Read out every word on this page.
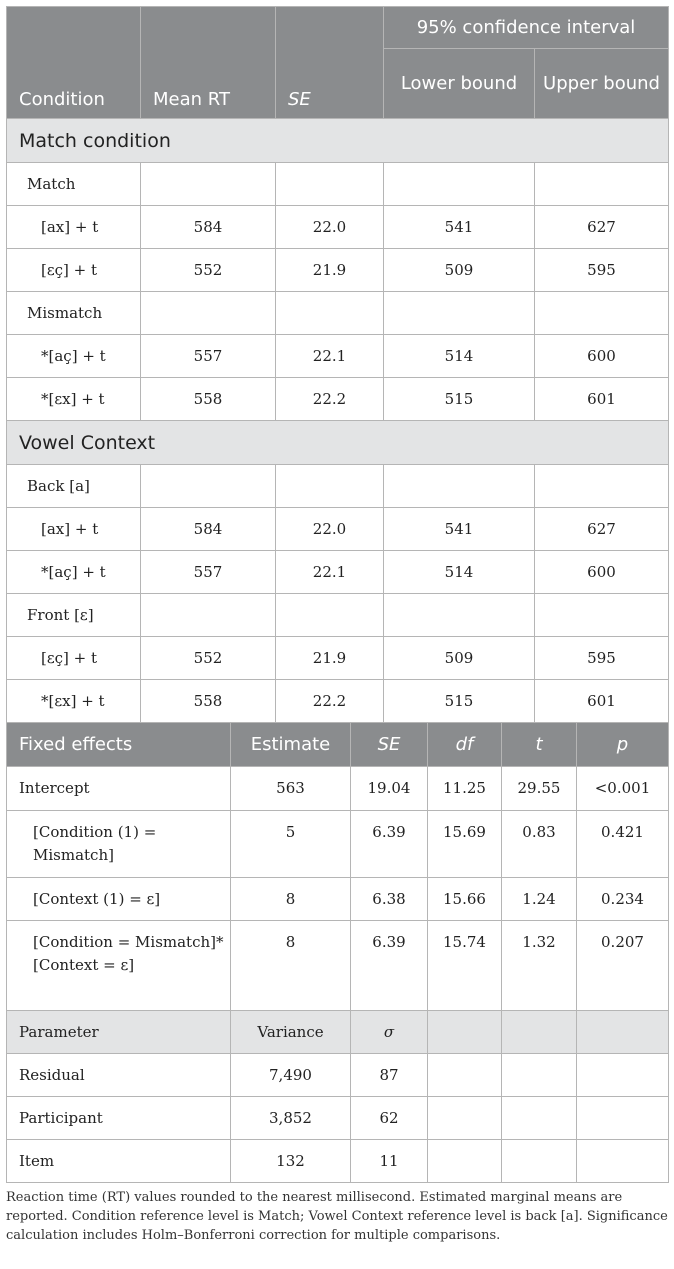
Condition	Mean RT	SE	95% confidence interval	
			Lower bound	Upper bound
Match condition				
Match				
[ax] + t	584	22.0	541	627
[εç] + t	552	21.9	509	595
Mismatch				
*[aç] + t	557	22.1	514	600
*[εx] + t	558	22.2	515	601
Vowel Context				
Back [a]				
[ax] + t	584	22.0	541	627
*[aç] + t	557	22.1	514	600
Front [ε]				
[εç] + t	552	21.9	509	595
*[εx] + t	558	22.2	515	601
Fixed effects	Estimate	SE	df	t	p
Intercept	563	19.04	11.25	29.55	<0.001
[Condition (1) = Mismatch]	5	6.39	15.69	0.83	0.421
[Context (1) = ε]	8	6.38	15.66	1.24	0.234
[Condition = Mismatch]* [Context = ε]	8	6.39	15.74	1.32	0.207
Parameter	Variance	σ			
Residual	7,490	87			
Participant	3,852	62			
Item	132	11			
Reaction time (RT) values rounded to the nearest millisecond. Estimated marginal means are reported. Condition reference level is Match; Vowel Context reference level is back [a]. Significance calculation includes Holm–Bonferroni correction for multiple comparisons.
